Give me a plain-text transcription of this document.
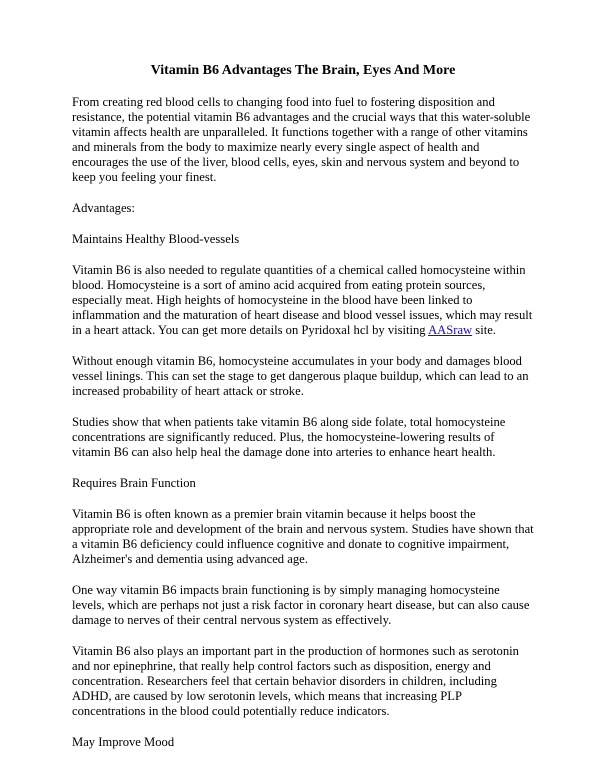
Vitamin B6 Advantages The Brain, Eyes And More

From creating red blood cells to changing food into fuel to fostering disposition and resistance, the potential vitamin B6 advantages and the crucial ways that this water-soluble vitamin affects health are unparalleled. It functions together with a range of other vitamins and minerals from the body to maximize nearly every single aspect of health and encourages the use of the liver, blood cells, eyes, skin and nervous system and beyond to keep you feeling your finest.

Advantages:

Maintains Healthy Blood-vessels

Vitamin B6 is also needed to regulate quantities of a chemical called homocysteine within blood. Homocysteine is a sort of amino acid acquired from eating protein sources, especially meat. High heights of homocysteine in the blood have been linked to inflammation and the maturation of heart disease and blood vessel issues, which may result in a heart attack. You can get more details on Pyridoxal hcl by visiting AASraw site.

Without enough vitamin B6, homocysteine accumulates in your body and damages blood vessel linings. This can set the stage to get dangerous plaque buildup, which can lead to an increased probability of heart attack or stroke.

Studies show that when patients take vitamin B6 along side folate, total homocysteine concentrations are significantly reduced. Plus, the homocysteine-lowering results of vitamin B6 can also help heal the damage done into arteries to enhance heart health.

Requires Brain Function

Vitamin B6 is often known as a premier brain vitamin because it helps boost the appropriate role and development of the brain and nervous system. Studies have shown that a vitamin B6 deficiency could influence cognitive and donate to cognitive impairment, Alzheimer's and dementia using advanced age.

One way vitamin B6 impacts brain functioning is by simply managing homocysteine levels, which are perhaps not just a risk factor in coronary heart disease, but can also cause damage to nerves of their central nervous system as effectively.

Vitamin B6 also plays an important part in the production of hormones such as serotonin and nor epinephrine, that really help control factors such as disposition, energy and concentration. Researchers feel that certain behavior disorders in children, including ADHD, are caused by low serotonin levels, which means that increasing PLP concentrations in the blood could potentially reduce indicators.

May Improve Mood
